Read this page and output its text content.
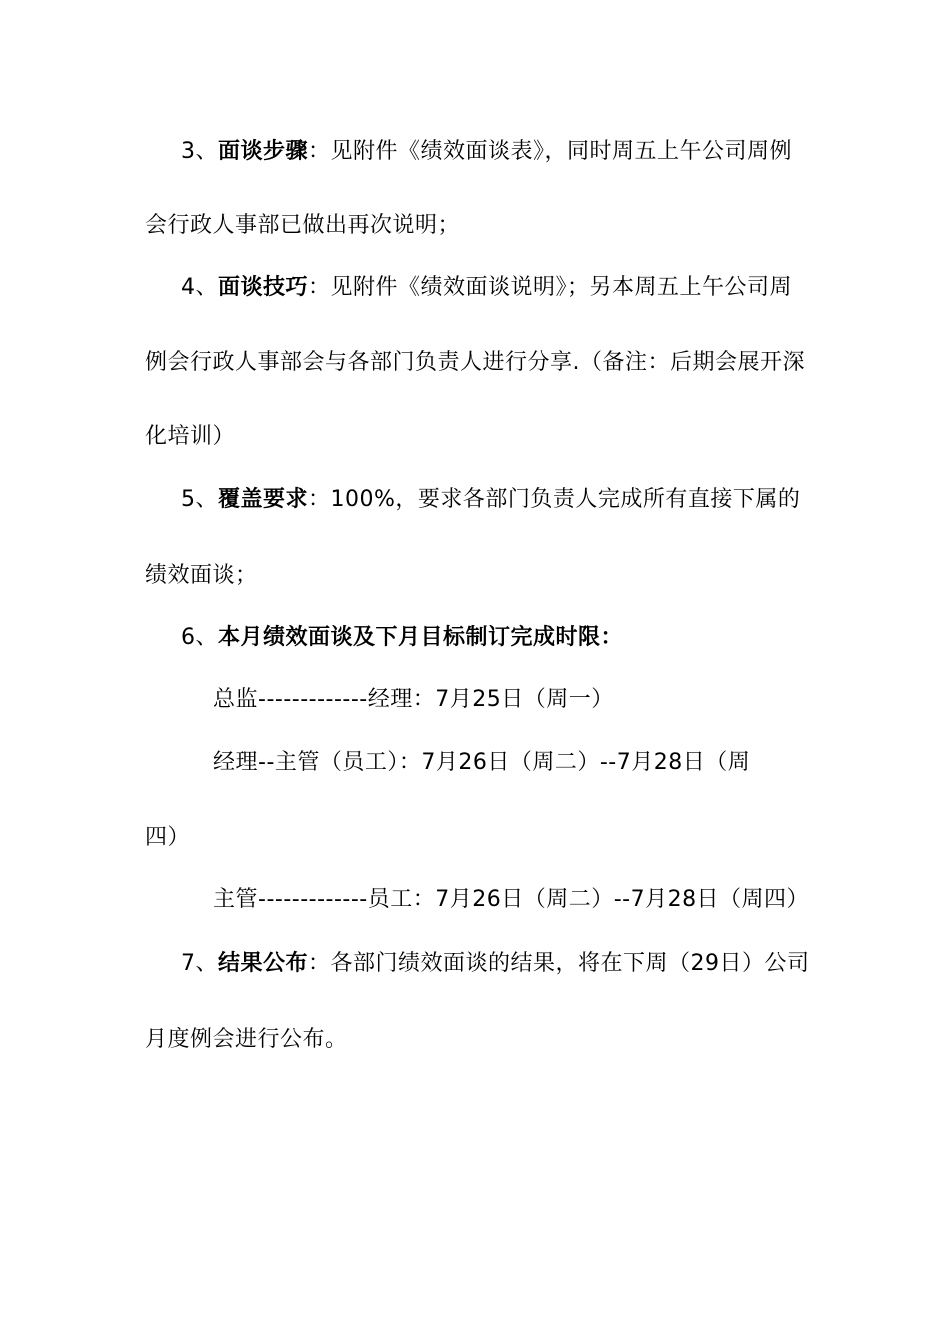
3、面谈步骤：见附件《绩效面谈表》，同时周五上午公司周例
会行政人事部已做出再次说明；
4、面谈技巧：见附件《绩效面谈说明》；另本周五上午公司周
例会行政人事部会与各部门负责人进行分享.（备注：后期会展开深
化培训）
5、覆盖要求：100%，要求各部门负责人完成所有直接下属的
绩效面谈；
6、本月绩效面谈及下月目标制订完成时限：
总监-------------经理：7月25日（周一）
经理--主管（员工）：7月26日（周二）--7月28日（周
四）
主管-------------员工：7月26日（周二）--7月28日（周四）
7、结果公布：各部门绩效面谈的结果，将在下周（29日）公司
月度例会进行公布。
